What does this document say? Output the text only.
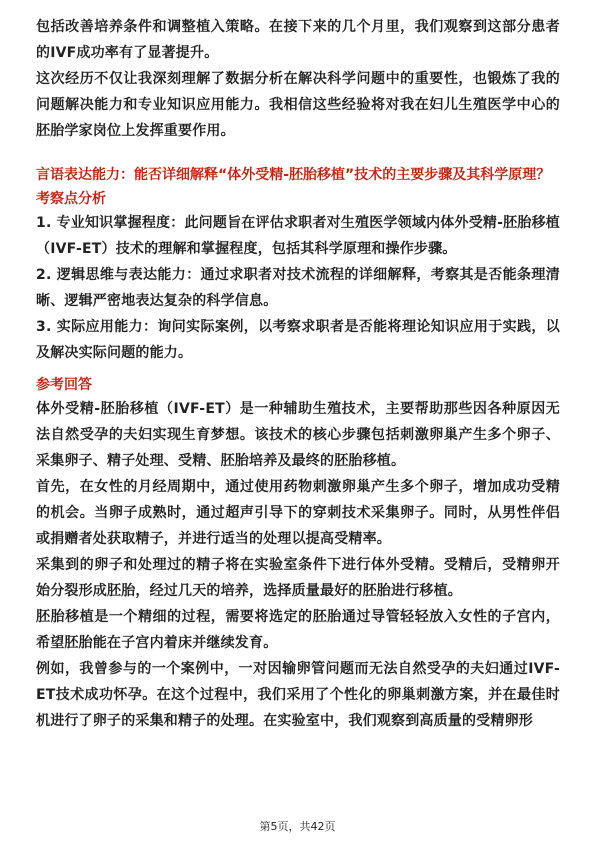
包括改善培养条件和调整植入策略。在接下来的几个月里，我们观察到这部分患者的IVF成功率有了显著提升。

这次经历不仅让我深刻理解了数据分析在解决科学问题中的重要性，也锻炼了我的问题解决能力和专业知识应用能力。我相信这些经验将对我在妇儿生殖医学中心的胚胎学家岗位上发挥重要作用。

言语表达能力：能否详细解释“体外受精-胚胎移植”技术的主要步骤及其科学原理？
考察点分析

1. 专业知识掌握程度：此问题旨在评估求职者对生殖医学领域内体外受精-胚胎移植（IVF-ET）技术的理解和掌握程度，包括其科学原理和操作步骤。

2. 逻辑思维与表达能力：通过求职者对技术流程的详细解释，考察其是否能条理清晰、逻辑严密地表达复杂的科学信息。

3. 实际应用能力：询问实际案例，以考察求职者是否能将理论知识应用于实践，以及解决实际问题的能力。

参考回答

体外受精-胚胎移植（IVF-ET）是一种辅助生殖技术，主要帮助那些因各种原因无法自然受孕的夫妇实现生育梦想。该技术的核心步骤包括刺激卵巢产生多个卵子、采集卵子、精子处理、受精、胚胎培养及最终的胚胎移植。

首先，在女性的月经周期中，通过使用药物刺激卵巢产生多个卵子，增加成功受精的机会。当卵子成熟时，通过超声引导下的穿刺技术采集卵子。同时，从男性伴侣或捐赠者处获取精子，并进行适当的处理以提高受精率。

采集到的卵子和处理过的精子将在实验室条件下进行体外受精。受精后，受精卵开始分裂形成胚胎，经过几天的培养，选择质量最好的胚胎进行移植。

胚胎移植是一个精细的过程，需要将选定的胚胎通过导管轻轻放入女性的子宫内，希望胚胎能在子宫内着床并继续发育。

例如，我曾参与的一个案例中，一对因输卵管问题而无法自然受孕的夫妇通过IVF-ET技术成功怀孕。在这个过程中，我们采用了个性化的卵巢刺激方案，并在最佳时机进行了卵子的采集和精子的处理。在实验室中，我们观察到高质量的受精卵形

第5页，共42页
